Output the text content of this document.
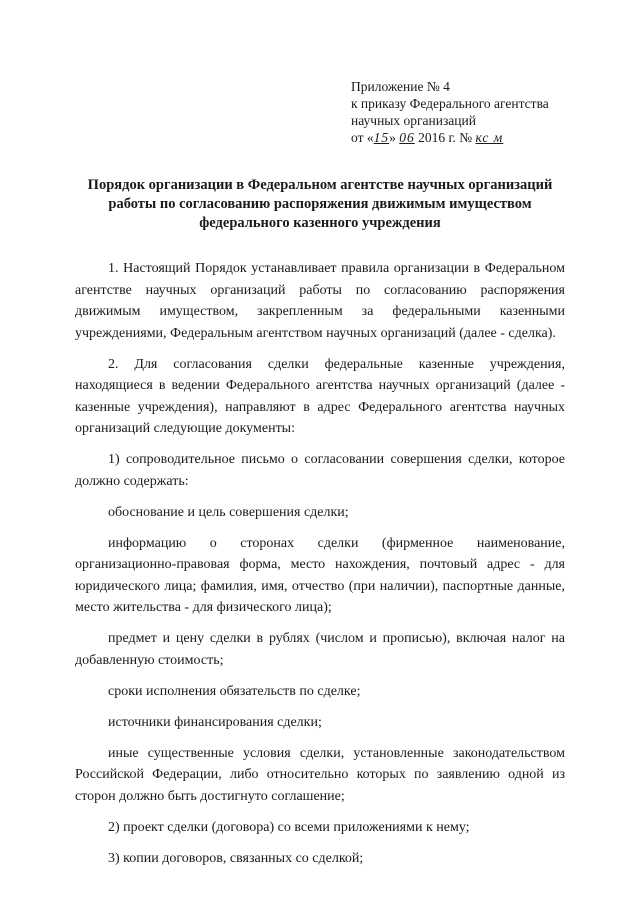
Приложение № 4
к приказу Федерального агентства
научных организаций
от «15» 06 2016 г. № кс м
Порядок организации в Федеральном агентстве научных организаций
работы по согласованию распоряжения движимым имуществом
федерального казенного учреждения

1. Настоящий Порядок устанавливает правила организации в Федеральном агентстве научных организаций работы по согласованию распоряжения движимым имуществом, закрепленным за федеральными казенными учреждениями, Федеральным агентством научных организаций (далее - сделка).

2. Для согласования сделки федеральные казенные учреждения, находящиеся в ведении Федерального агентства научных организаций (далее - казенные учреждения), направляют в адрес Федерального агентства научных организаций следующие документы:

1) сопроводительное письмо о согласовании совершения сделки, которое должно содержать:

обоснование и цель совершения сделки;

информацию о сторонах сделки (фирменное наименование, организационно-правовая форма, место нахождения, почтовый адрес - для юридического лица; фамилия, имя, отчество (при наличии), паспортные данные, место жительства - для физического лица);

предмет и цену сделки в рублях (числом и прописью), включая налог на добавленную стоимость;

сроки исполнения обязательств по сделке;

источники финансирования сделки;

иные существенные условия сделки, установленные законодательством Российской Федерации, либо относительно которых по заявлению одной из сторон должно быть достигнуто соглашение;

2) проект сделки (договора) со всеми приложениями к нему;

3) копии договоров, связанных со сделкой;
